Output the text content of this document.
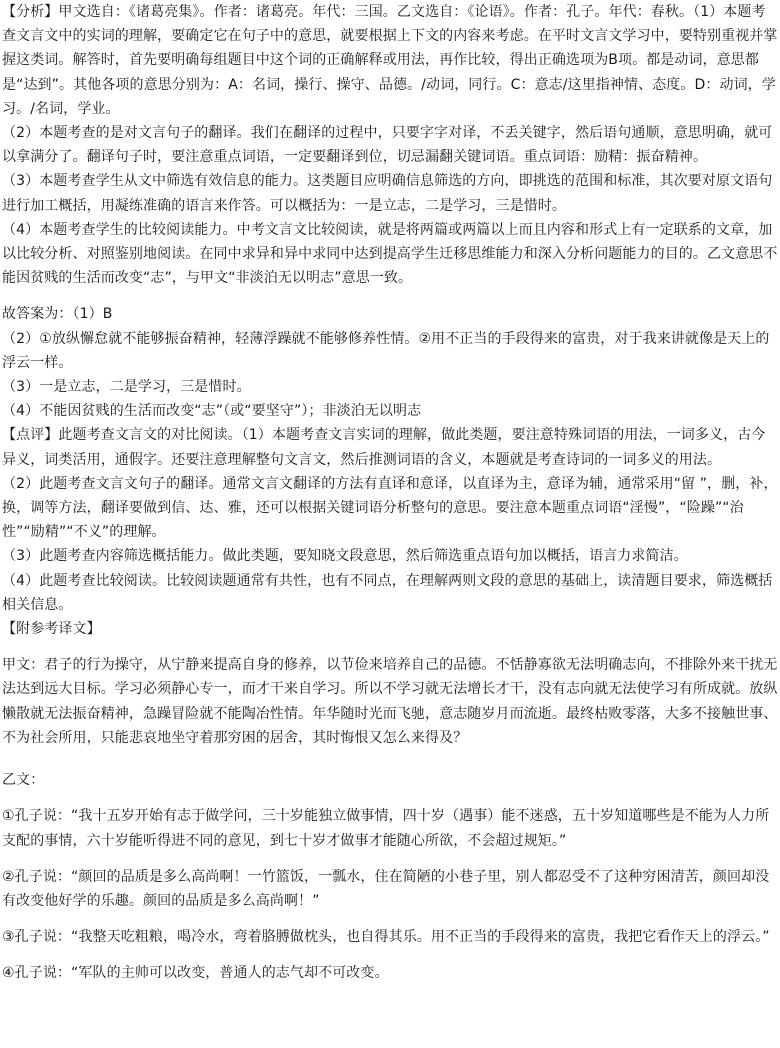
【分析】甲文选自：《诸葛亮集》。作者：诸葛亮。年代：三国。乙文选自：《论语》。作者：孔子。年代：春秋。（1）本题考查文言文中的实词的理解，要确定它在句子中的意思，就要根据上下文的内容来考虑。在平时文言文学习中，要特别重视并掌握这类词。解答时，首先要明确每组题目中这个词的正确解释或用法，再作比较，得出正确选项为B项。都是动词，意思都是“达到”。其他各项的意思分别为：A：名词，操行、操守、品德。/动词，同行。C：意志/这里指神情、态度。D：动词，学习。/名词，学业。

（2）本题考查的是对文言句子的翻译。我们在翻译的过程中，只要字字对译，不丢关键字，然后语句通顺，意思明确，就可以拿满分了。翻译句子时，要注意重点词语，一定要翻译到位，切忌漏翻关键词语。重点词语：励精：振奋精神。

（3）本题考查学生从文中筛选有效信息的能力。这类题目应明确信息筛选的方向，即挑选的范围和标准，其次要对原文语句进行加工概括，用凝练准确的语言来作答。可以概括为：一是立志，二是学习，三是惜时。

（4）本题考查学生的比较阅读能力。中考文言文比较阅读，就是将两篇或两篇以上而且内容和形式上有一定联系的文章，加以比较分析、对照鉴别地阅读。在同中求异和异中求同中达到提高学生迁移思维能力和深入分析问题能力的目的。乙文意思不能因贫贱的生活而改变“志”，与甲文“非淡泊无以明志”意思一致。

故答案为：（1）B

（2）①放纵懈怠就不能够振奋精神，轻薄浮躁就不能够修养性情。②用不正当的手段得来的富贵，对于我来讲就像是天上的浮云一样。

（3）一是立志，二是学习，三是惜时。

（4）不能因贫贱的生活而改变“志”（或“要坚守”）；非淡泊无以明志

【点评】此题考查文言文的对比阅读。（1）本题考查文言实词的理解，做此类题，要注意特殊词语的用法，一词多义，古今异义，词类活用，通假字。还要注意理解整句文言文，然后推测词语的含义，本题就是考查诗词的一词多义的用法。

（2）此题考查文言文句子的翻译。通常文言文翻译的方法有直译和意译，以直译为主，意译为辅，通常采用“留 ”，删，补，换，调等方法，翻译要做到信、达、雅，还可以根据关键词语分析整句的意思。要注意本题重点词语“淫慢”，“险躁”“治性”“励精”“不义”的理解。

（3）此题考查内容筛选概括能力。做此类题，要知晓文段意思，然后筛选重点语句加以概括，语言力求简洁。

（4）此题考查比较阅读。比较阅读题通常有共性，也有不同点，在理解两则文段的意思的基础上，读清题目要求，筛选概括相关信息。

【附参考译文】

甲文：君子的行为操守，从宁静来提高自身的修养，以节俭来培养自己的品德。不恬静寡欲无法明确志向，不排除外来干扰无法达到远大目标。学习必须静心专一，而才干来自学习。所以不学习就无法增长才干，没有志向就无法使学习有所成就。放纵懒散就无法振奋精神，急躁冒险就不能陶冶性情。年华随时光而飞驰，意志随岁月而流逝。最终枯败零落，大多不接触世事、不为社会所用，只能悲哀地坐守着那穷困的居舍，其时悔恨又怎么来得及？

乙文：

①孔子说：“我十五岁开始有志于做学问，三十岁能独立做事情，四十岁（遇事）能不迷惑，五十岁知道哪些是不能为人力所支配的事情，六十岁能听得进不同的意见，到七十岁才做事才能随心所欲，不会超过规矩。”

②孔子说：“颜回的品质是多么高尚啊！一竹篮饭，一瓢水，住在简陋的小巷子里，别人都忍受不了这种穷困清苦，颜回却没有改变他好学的乐趣。颜回的品质是多么高尚啊！”

③孔子说：“我整天吃粗粮，喝冷水，弯着胳膊做枕头，也自得其乐。用不正当的手段得来的富贵，我把它看作天上的浮云。”

④孔子说：“军队的主帅可以改变，普通人的志气却不可改变。
